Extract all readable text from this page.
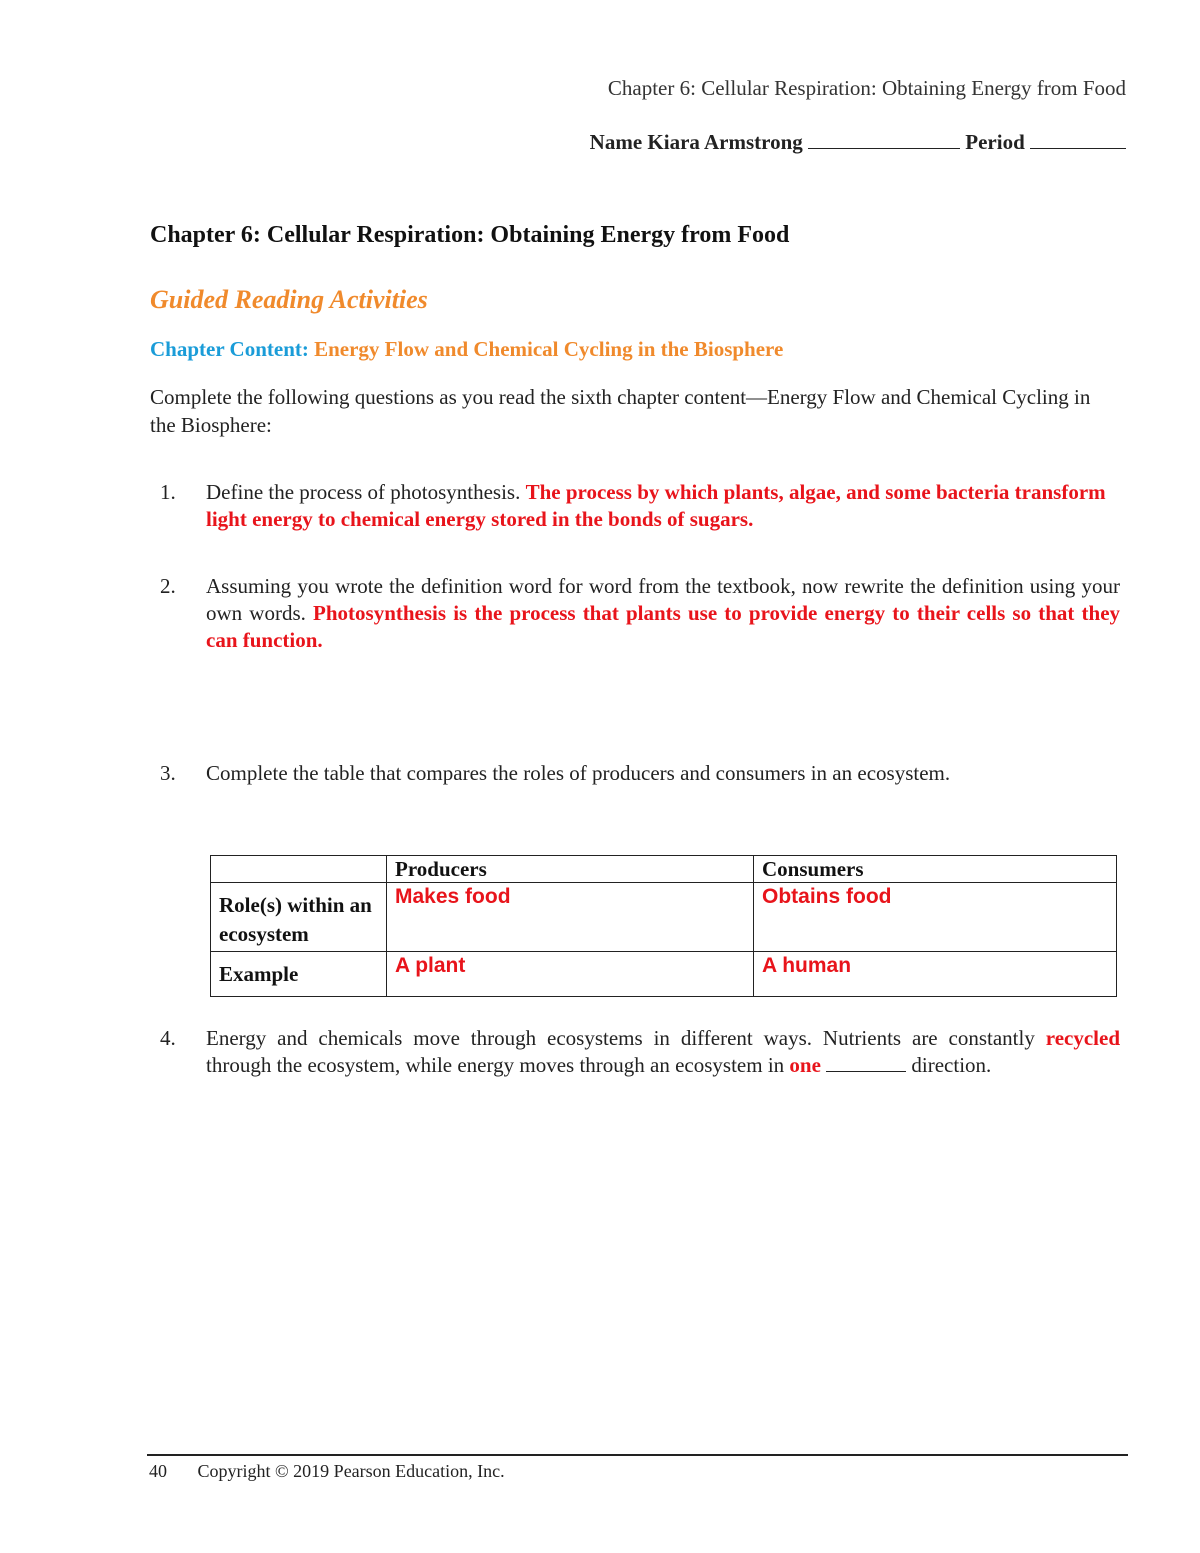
Chapter 6: Cellular Respiration: Obtaining Energy from Food
Name Kiara Armstrong	Period
Chapter 6: Cellular Respiration: Obtaining Energy from Food
Guided Reading Activities
Chapter Content: Energy Flow and Chemical Cycling in the Biosphere
Complete the following questions as you read the sixth chapter content—Energy Flow and Chemical Cycling in the Biosphere:
1.	Define the process of photosynthesis. The process by which plants, algae, and some bacteria transform light energy to chemical energy stored in the bonds of sugars.
2.	Assuming you wrote the definition word for word from the textbook, now rewrite the definition using your own words. Photosynthesis is the process that plants use to provide energy to their cells so that they can function.
3.	Complete the table that compares the roles of producers and consumers in an ecosystem.
	Producers	Consumers
Role(s) within an ecosystem	Makes food	Obtains food
Example	A plant	A human
4.	Energy and chemicals move through ecosystems in different ways. Nutrients are constantly recycled through the ecosystem, while energy moves through an ecosystem in one	direction.
40 Copyright © 2019 Pearson Education, Inc.
